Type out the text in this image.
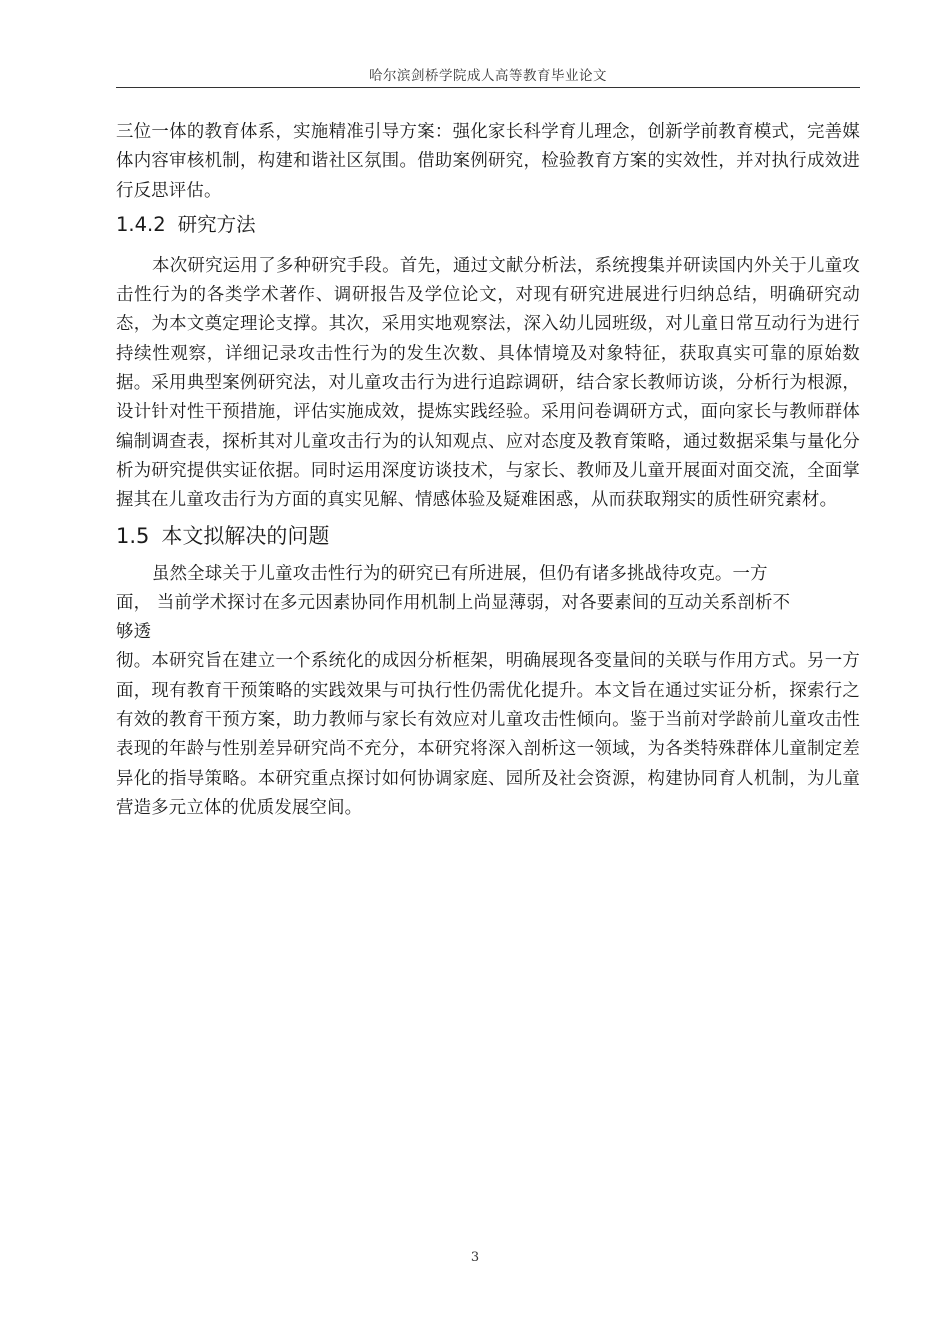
哈尔滨剑桥学院成人高等教育毕业论文

三位一体的教育体系，实施精准引导方案：强化家长科学育儿理念，创新学前教育模式，完善媒体内容审核机制，构建和谐社区氛围。借助案例研究，检验教育方案的实效性，并对执行成效进行反思评估。

1.4.2 研究方法

本次研究运用了多种研究手段。首先，通过文献分析法，系统搜集并研读国内外关于儿童攻击性行为的各类学术著作、调研报告及学位论文，对现有研究进展进行归纳总结，明确研究动态，为本文奠定理论支撑。其次，采用实地观察法，深入幼儿园班级，对儿童日常互动行为进行持续性观察，详细记录攻击性行为的发生次数、具体情境及对象特征，获取真实可靠的原始数据。采用典型案例研究法，对儿童攻击行为进行追踪调研，结合家长教师访谈，分析行为根源，设计针对性干预措施，评估实施成效，提炼实践经验。采用问卷调研方式，面向家长与教师群体编制调查表，探析其对儿童攻击行为的认知观点、应对态度及教育策略，通过数据采集与量化分析为研究提供实证依据。同时运用深度访谈技术，与家长、教师及儿童开展面对面交流，全面掌握其在儿童攻击行为方面的真实见解、情感体验及疑难困惑，从而获取翔实的质性研究素材。

1.5 本文拟解决的问题

虽然全球关于儿童攻击性行为的研究已有所进展，但仍有诸多挑战待攻克。一方

面， 当前学术探讨在多元因素协同作用机制上尚显薄弱，对各要素间的互动关系剖析不

够透

彻。本研究旨在建立一个系统化的成因分析框架，明确展现各变量间的关联与作用方式。另一方面，现有教育干预策略的实践效果与可执行性仍需优化提升。本文旨在通过实证分析，探索行之有效的教育干预方案，助力教师与家长有效应对儿童攻击性倾向。鉴于当前对学龄前儿童攻击性表现的年龄与性别差异研究尚不充分，本研究将深入剖析这一领域，为各类特殊群体儿童制定差异化的指导策略。本研究重点探讨如何协调家庭、园所及社会资源，构建协同育人机制，为儿童营造多元立体的优质发展空间。

3
